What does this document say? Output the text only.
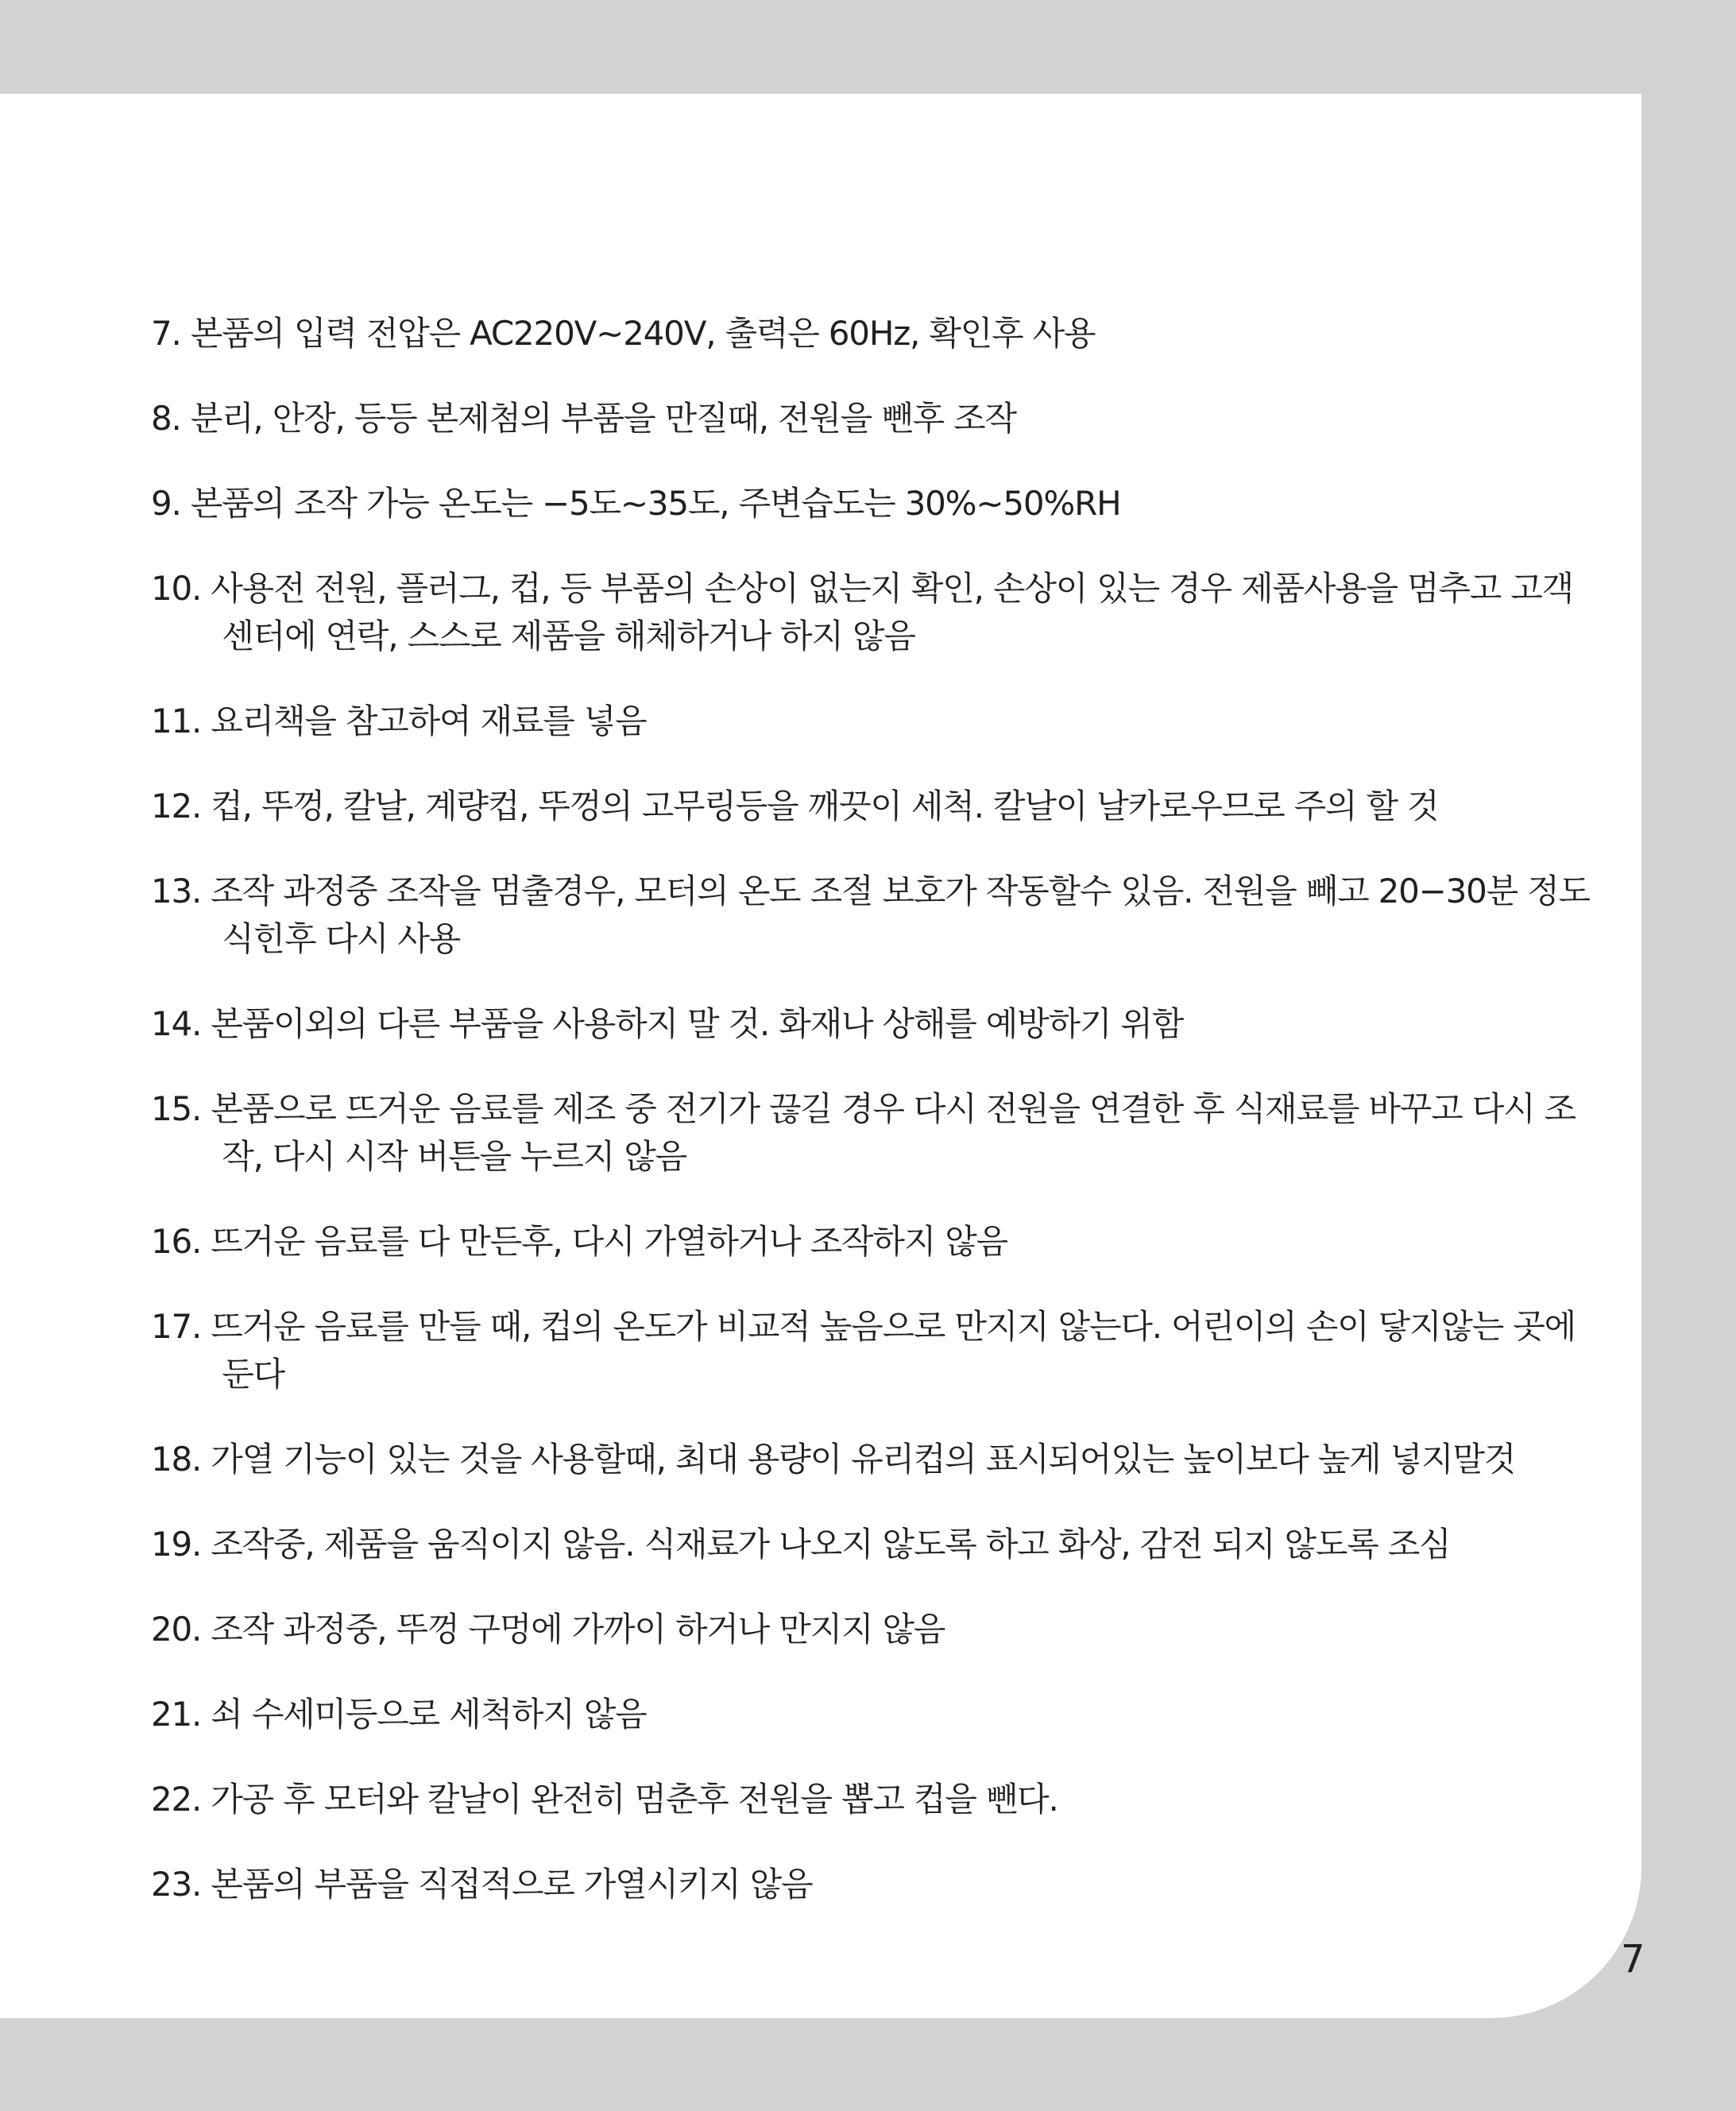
7. 본품의 입력 전압은 AC220V~240V, 출력은 60Hz, 확인후 사용
8. 분리, 안장, 등등 본제첨의 부품을 만질때, 전원을 뺀후 조작
9. 본품의 조작 가능 온도는 −5도~35도, 주변습도는 30%~50%RH
10. 사용전 전원, 플러그, 컵, 등 부품의 손상이 없는지 확인, 손상이 있는 경우 제품사용을 멈추고 고객
센터에 연락, 스스로 제품을 해체하거나 하지 않음
11. 요리책을 참고하여 재료를 넣음
12. 컵, 뚜껑, 칼날, 계량컵, 뚜껑의 고무링등을 깨끗이 세척. 칼날이 날카로우므로 주의 할 것
13. 조작 과정중 조작을 멈출경우, 모터의 온도 조절 보호가 작동할수 있음. 전원을 빼고 20−30분 정도
식힌후 다시 사용
14. 본품이외의 다른 부품을 사용하지 말 것. 화재나 상해를 예방하기 위함
15. 본품으로 뜨거운 음료를 제조 중 전기가 끊길 경우 다시 전원을 연결한 후 식재료를 바꾸고 다시 조
작, 다시 시작 버튼을 누르지 않음
16. 뜨거운 음료를 다 만든후, 다시 가열하거나 조작하지 않음
17. 뜨거운 음료를 만들 때, 컵의 온도가 비교적 높음으로 만지지 않는다. 어린이의 손이 닿지않는 곳에
둔다
18. 가열 기능이 있는 것을 사용할때, 최대 용량이 유리컵의 표시되어있는 높이보다 높게 넣지말것
19. 조작중, 제품을 움직이지 않음. 식재료가 나오지 않도록 하고 화상, 감전 되지 않도록 조심
20. 조작 과정중, 뚜껑 구멍에 가까이 하거나 만지지 않음
21. 쇠 수세미등으로 세척하지 않음
22. 가공 후 모터와 칼날이 완전히 멈춘후 전원을 뽑고 컵을 뺀다.
23. 본품의 부품을 직접적으로 가열시키지 않음
7
